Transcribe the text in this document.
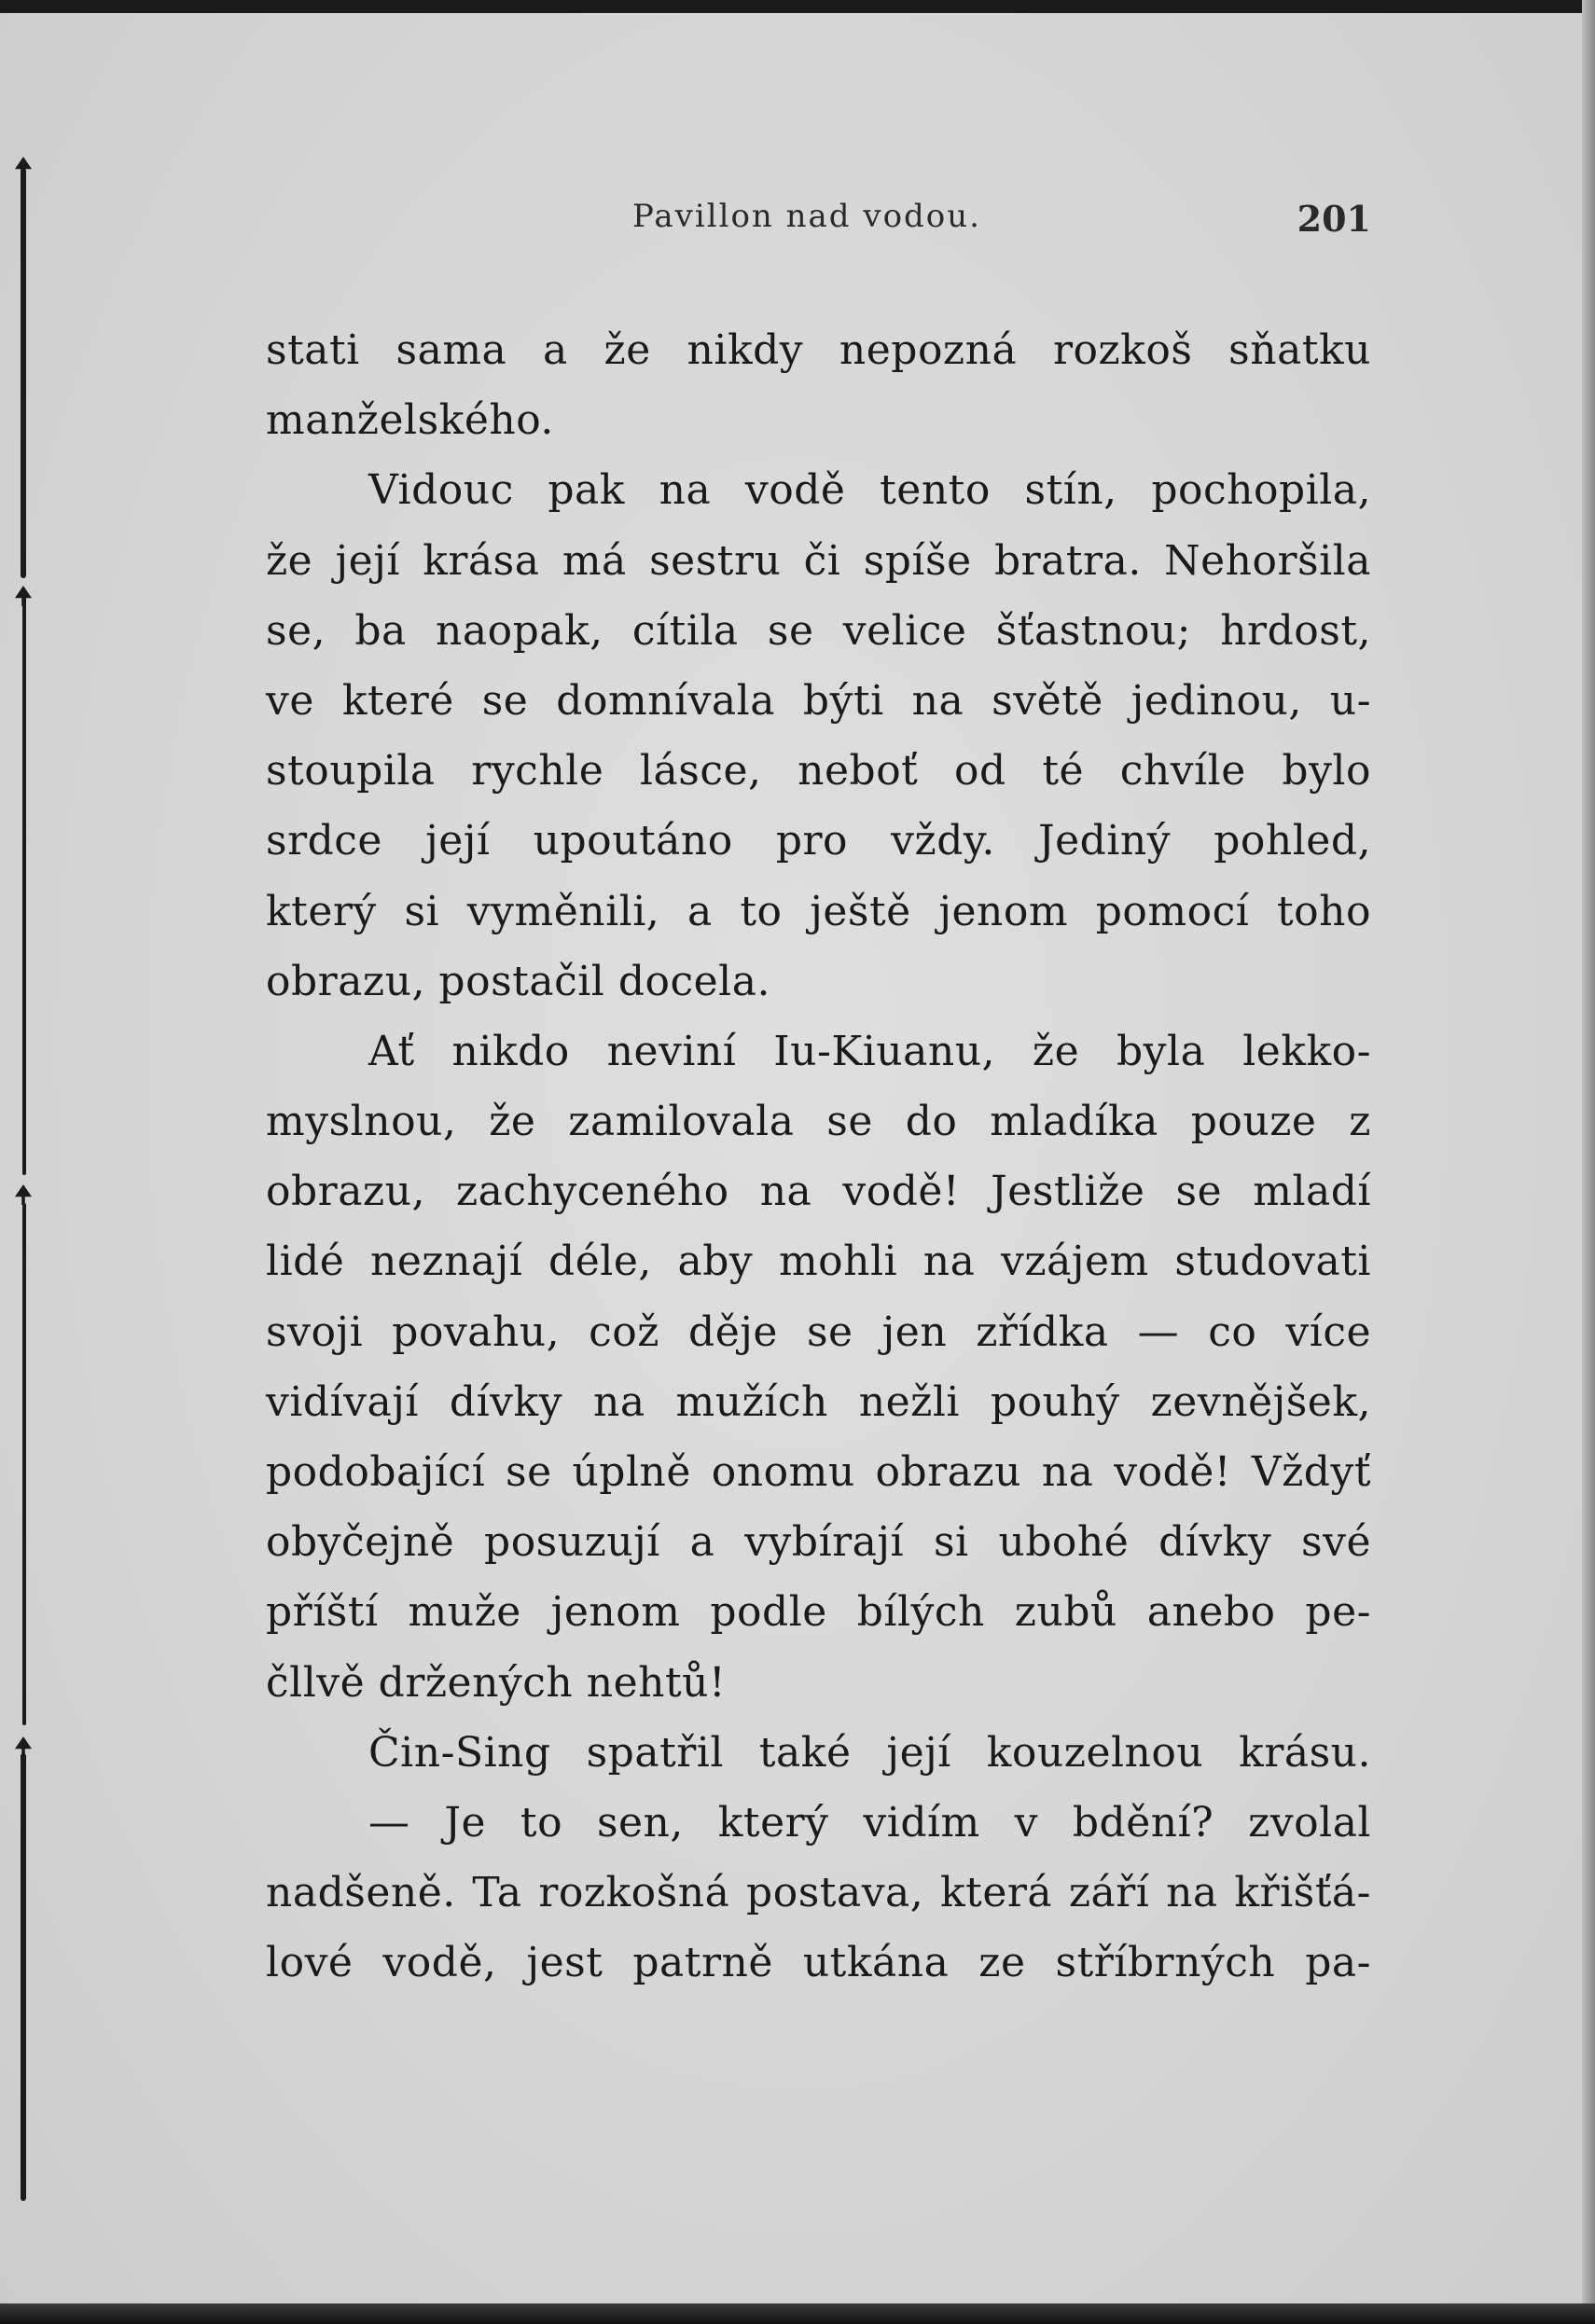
Pavillon nad vodou.	201
stati sama a že nikdy nepozná rozkoš sňatku
manželského.
Vidouc pak na vodě tento stín, pochopila,
že její krása má sestru či spíše bratra. Nehoršila
se, ba naopak, cítila se velice šťastnou; hrdost,
ve které se domnívala býti na světě jedinou, u-
stoupila rychle lásce, neboť od té chvíle bylo
srdce její upoutáno pro vždy. Jediný pohled,
který si vyměnili, a to ještě jenom pomocí toho
obrazu, postačil docela.
Ať nikdo neviní Iu-Kiuanu, že byla lekko-
myslnou, že zamilovala se do mladíka pouze z
obrazu, zachyceného na vodě! Jestliže se mladí
lidé neznají déle, aby mohli na vzájem studovati
svoji povahu, což děje se jen zřídka — co více
vidívají dívky na mužích nežli pouhý zevnějšek,
podobající se úplně onomu obrazu na vodě! Vždyť
obyčejně posuzují a vybírají si ubohé dívky své
příští muže jenom podle bílých zubů anebo pe-
čllvě držených nehtů!
Čin-Sing spatřil také její kouzelnou krásu.
— Je to sen, který vidím v bdění? zvolal
nadšeně. Ta rozkošná postava, která září na křišťá-
lové vodě, jest patrně utkána ze stříbrných pa-
